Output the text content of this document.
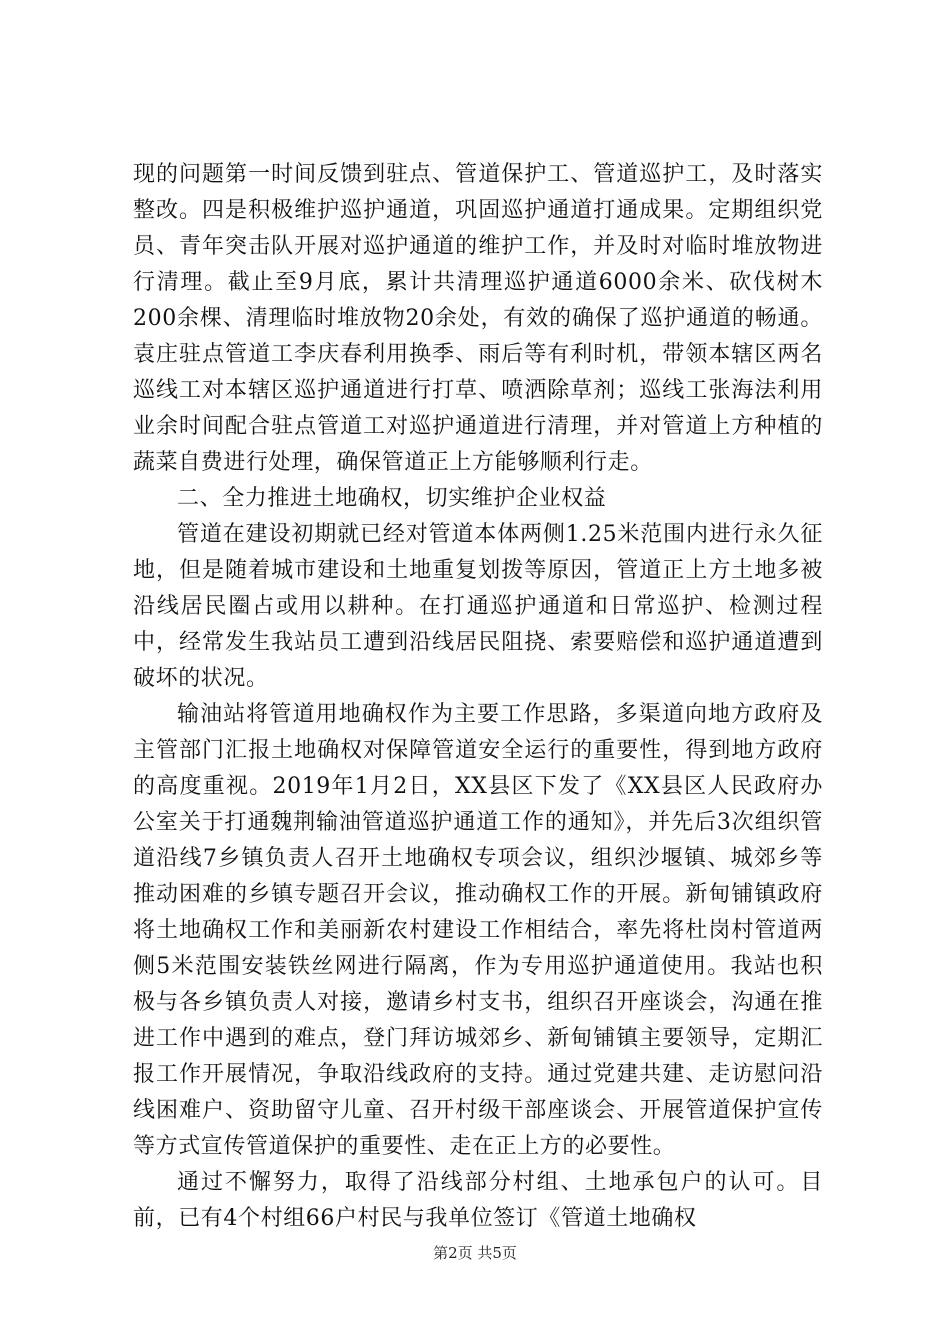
现的问题第一时间反馈到驻点、管道保护工、管道巡护工，及时落实整改。四是积极维护巡护通道，巩固巡护通道打通成果。定期组织党员、青年突击队开展对巡护通道的维护工作，并及时对临时堆放物进行清理。截止至9月底，累计共清理巡护通道6000余米、砍伐树木200余棵、清理临时堆放物20余处，有效的确保了巡护通道的畅通。袁庄驻点管道工李庆春利用换季、雨后等有利时机，带领本辖区两名巡线工对本辖区巡护通道进行打草、喷洒除草剂；巡线工张海法利用业余时间配合驻点管道工对巡护通道进行清理，并对管道上方种植的蔬菜自费进行处理，确保管道正上方能够顺利行走。

二、全力推进土地确权，切实维护企业权益

管道在建设初期就已经对管道本体两侧1.25米范围内进行永久征地，但是随着城市建设和土地重复划拨等原因，管道正上方土地多被沿线居民圈占或用以耕种。在打通巡护通道和日常巡护、检测过程中，经常发生我站员工遭到沿线居民阻挠、索要赔偿和巡护通道遭到破坏的状况。

输油站将管道用地确权作为主要工作思路，多渠道向地方政府及主管部门汇报土地确权对保障管道安全运行的重要性，得到地方政府的高度重视。2019年1月2日，XX县区下发了《XX县区人民政府办公室关于打通魏荆输油管道巡护通道工作的通知》，并先后3次组织管道沿线7乡镇负责人召开土地确权专项会议，组织沙堰镇、城郊乡等推动困难的乡镇专题召开会议，推动确权工作的开展。新甸铺镇政府将土地确权工作和美丽新农村建设工作相结合，率先将杜岗村管道两侧5米范围安装铁丝网进行隔离，作为专用巡护通道使用。我站也积极与各乡镇负责人对接，邀请乡村支书，组织召开座谈会，沟通在推进工作中遇到的难点，登门拜访城郊乡、新甸铺镇主要领导，定期汇报工作开展情况，争取沿线政府的支持。通过党建共建、走访慰问沿线困难户、资助留守儿童、召开村级干部座谈会、开展管道保护宣传等方式宣传管道保护的重要性、走在正上方的必要性。

通过不懈努力，取得了沿线部分村组、土地承包户的认可。目前，已有4个村组66户村民与我单位签订《管道土地确权

第2页 共5页
